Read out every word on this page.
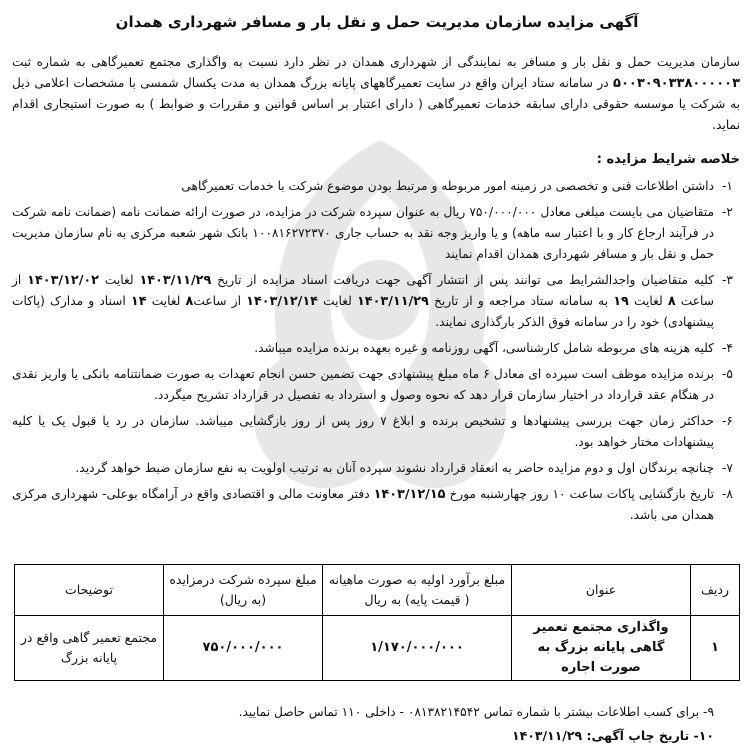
آگهی مزایده سازمان مدیریت حمل و نقل بار و مسافر شهرداری همدان
سازمان مدیریت حمل و نقل بار و مسافر به نمایندگی از شهرداری همدان در نظر دارد نسبت به واگذاری مجتمع تعمیرگاهی به شماره ثبت ۵۰۰۳۰۹۰۳۳۸۰۰۰۰۰۳ در سامانه ستاد ایران واقع در سایت تعمیرگاههای پایانه بزرگ همدان به مدت یکسال شمسی با مشخصات اعلامی ذیل به شرکت یا موسسه حقوقی دارای سابقه خدمات تعمیرگاهی ( دارای اعتبار بر اساس قوانین و مقررات و ضوابط ) به صورت استیجاری اقدام نماید.
خلاصه شرایط مزایده :
۱-
داشتن اطلاعات فنی و تخصصی در زمینه امور مربوطه و مرتبط بودن موضوع شرکت با خدمات تعمیرگاهی
۲-
متقاضیان می بایست مبلغی معادل ۷۵۰/۰۰۰/۰۰۰ ریال به عنوان سپرده شرکت در مزایده، در صورت ارائه ضمانت نامه (ضمانت نامه شرکت در فرآیند ارجاع کار و با اعتبار سه ماهه) و یا واریز وجه نقد به حساب جاری ۱۰۰۸۱۶۲۷۲۳۷۰ بانک شهر شعبه مرکزی به نام سازمان مدیریت حمل و نقل بار و مسافر شهرداری همدان اقدام نمایند
۳-
کلیه متقاضیان واجدالشرایط می توانند پس از انتشار آگهی جهت دریافت اسناد مزایده از تاریخ ۱۴۰۳/۱۱/۲۹ لغایت ۱۴۰۳/۱۲/۰۲ از ساعت ۸ لغایت ۱۹ به سامانه ستاد مراجعه و از تاریخ ۱۴۰۳/۱۱/۲۹ لغایت ۱۴۰۳/۱۲/۱۴ از ساعت۸ لغایت ۱۴ اسناد و مدارک (پاکات پیشنهادی) خود را در سامانه فوق الذکر بارگذاری نمایند.
۴-
کلیه هزینه های مربوطه شامل کارشناسی، آگهی روزنامه و غیره بعهده برنده مزایده میباشد.
۵-
برنده مزایده موظف است سپرده ای معادل ۶ ماه مبلغ پیشنهادی جهت تضمین حسن انجام تعهدات به صورت ضمانتنامه بانکی یا واریز نقدی در هنگام عقد قرارداد در اختیار سازمان قرار دهد که نحوه وصول و استرداد به تفصیل در قرارداد تشریح میگردد.
۶-
حداکثر زمان جهت بررسی پیشنهادها و تشخیص برنده و ابلاغ ۷ روز پس از روز بازگشایی میباشد. سازمان در رد یا قبول یک یا کلیه پیشنهادات مختار خواهد بود.
۷-
چنانچه برندگان اول و دوم مزایده حاضر به انعقاد قرارداد نشوند سپرده آنان به ترتیب اولویت به نفع سازمان ضبط خواهد گردید.
۸-
تاریخ بازگشایی پاکات ساعت ۱۰ روز چهارشنبه مورخ ۱۴۰۳/۱۲/۱۵ دفتر معاونت مالی و اقتصادی واقع در آرامگاه بوعلی- شهرداری مرکزی همدان می باشد.
ردیف	عنوان	مبلغ برآورد اولیه به صورت ماهیانه ( قیمت پایه) به ریال	مبلغ سپرده شرکت درمزایده (به ریال)	توضیحات
۱	واگذاری مجتمع تعمیر گاهی پایانه بزرگ به صورت اجاره	۱/۱۷۰/۰۰۰/۰۰۰	۷۵۰/۰۰۰/۰۰۰	مجتمع تعمیر گاهی واقع در پایانه بزرگ
۹- برای کسب اطلاعات بیشتر با شماره تماس ۰۸۱۳۸۲۱۴۵۴۲ - داخلی ۱۱۰ تماس حاصل نمایید.
۱۰- تاریخ چاپ آگهی: ۱۴۰۳/۱۱/۲۹
